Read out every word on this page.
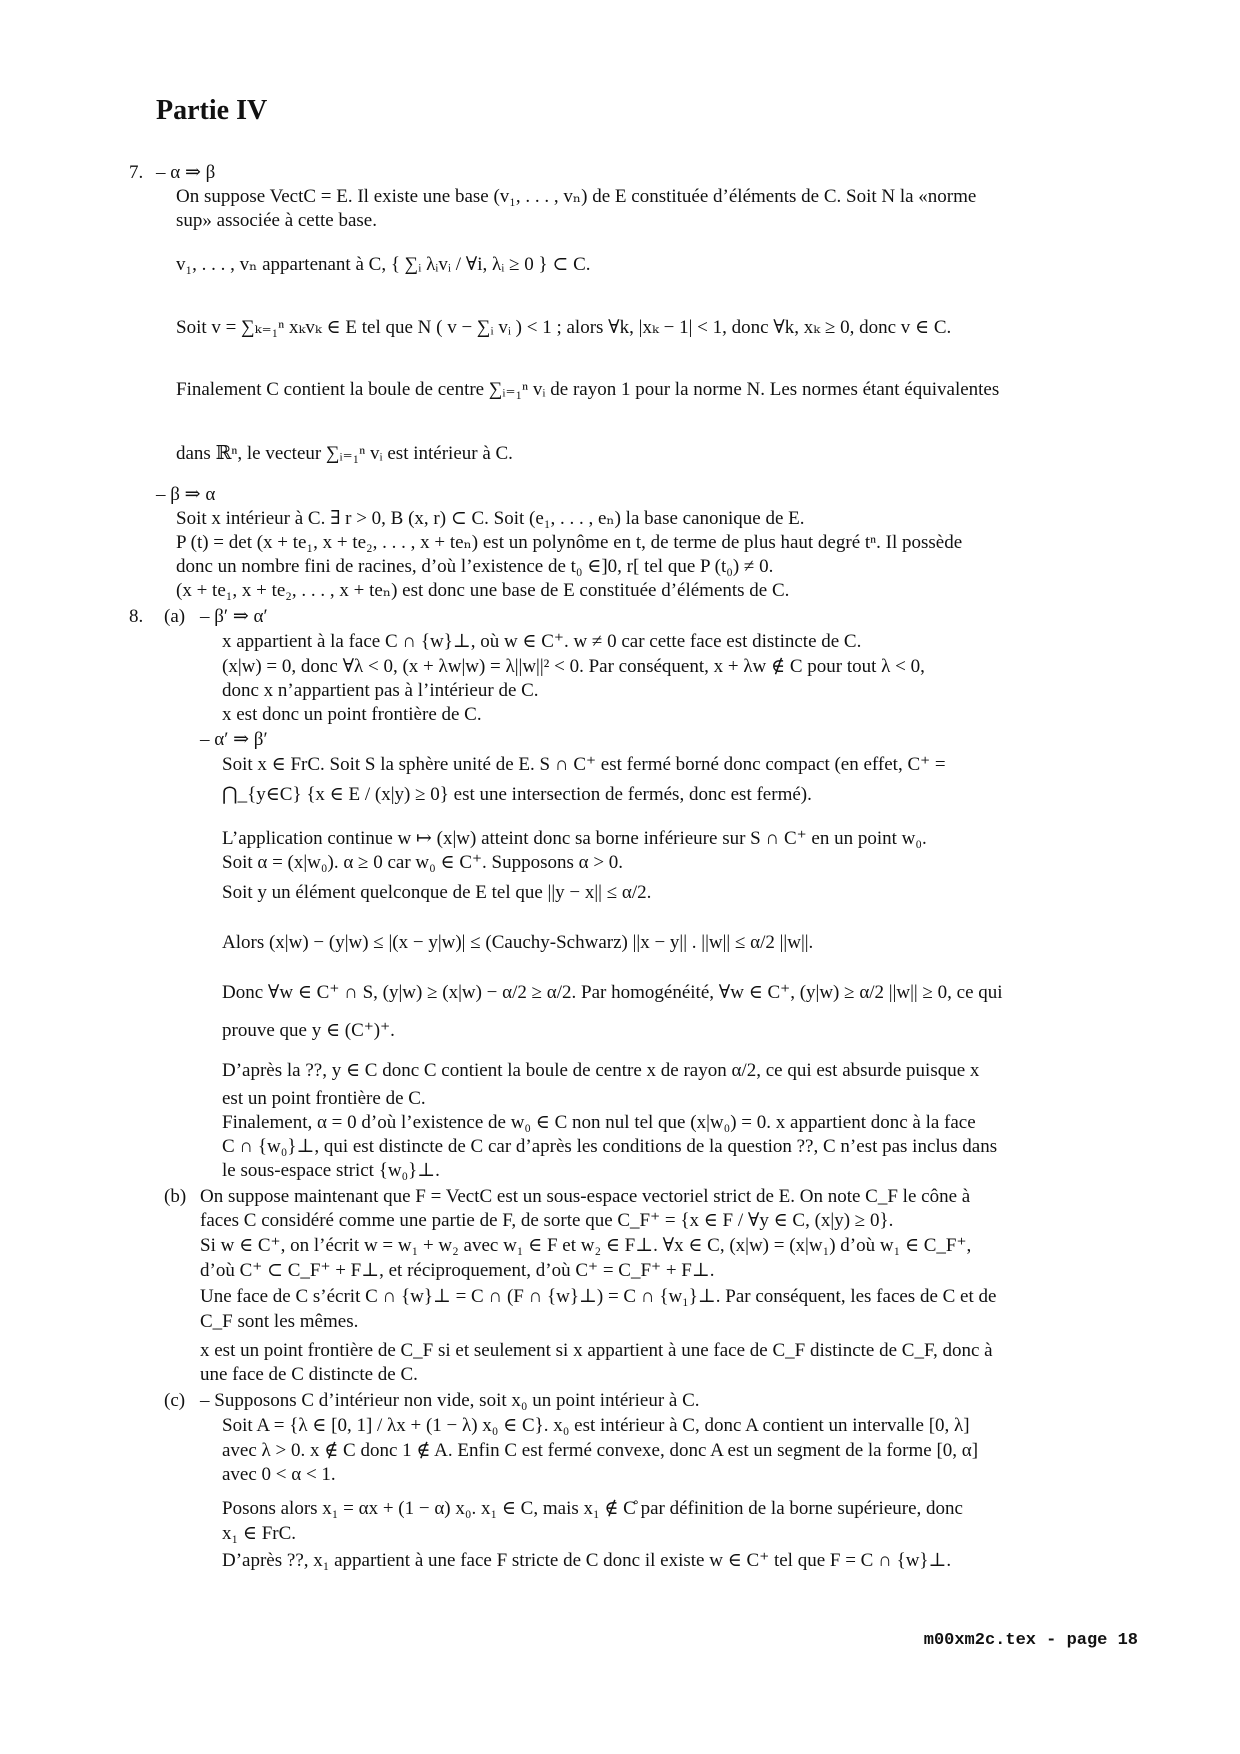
Partie IV
7. – α ⇒ β

On suppose VectC = E. Il existe une base (v₁, . . . , vₙ) de E constituée d’éléments de C. Soit N la «norme

sup» associée à cette base.

v₁, . . . , vₙ appartenant à C, { ∑ᵢ λᵢvᵢ / ∀i, λᵢ ≥ 0 } ⊂ C.

Soit v = ∑ₖ₌₁ⁿ xₖvₖ ∈ E tel que N ( v − ∑ᵢ vᵢ ) < 1 ; alors ∀k, |xₖ − 1| < 1, donc ∀k, xₖ ≥ 0, donc v ∈ C.

Finalement C contient la boule de centre ∑ᵢ₌₁ⁿ vᵢ de rayon 1 pour la norme N. Les normes étant équivalentes

dans ℝⁿ, le vecteur ∑ᵢ₌₁ⁿ vᵢ est intérieur à C.

– β ⇒ α

Soit x intérieur à C. ∃ r > 0, B (x, r) ⊂ C. Soit (e₁, . . . , eₙ) la base canonique de E.

P (t) = det (x + te₁, x + te₂, . . . , x + teₙ) est un polynôme en t, de terme de plus haut degré tⁿ. Il possède

donc un nombre fini de racines, d’où l’existence de t₀ ∈]0, r[ tel que P (t₀) ≠ 0.

(x + te₁, x + te₂, . . . , x + teₙ) est donc une base de E constituée d’éléments de C.

8. (a) – β′ ⇒ α′

x appartient à la face C ∩ {w}⊥, où w ∈ C⁺. w ≠ 0 car cette face est distincte de C.

(x|w) = 0, donc ∀λ < 0, (x + λw|w) = λ||w||² < 0. Par conséquent, x + λw ∉ C pour tout λ < 0,

donc x n’appartient pas à l’intérieur de C.

x est donc un point frontière de C.

– α′ ⇒ β′

Soit x ∈ FrC. Soit S la sphère unité de E. S ∩ C⁺ est fermé borné donc compact (en effet, C⁺ =

⋂_{y∈C} {x ∈ E / (x|y) ≥ 0} est une intersection de fermés, donc est fermé).

L’application continue w ↦ (x|w) atteint donc sa borne inférieure sur S ∩ C⁺ en un point w₀.

Soit α = (x|w₀). α ≥ 0 car w₀ ∈ C⁺. Supposons α > 0.

Soit y un élément quelconque de E tel que ||y − x|| ≤ α/2.

Alors (x|w) − (y|w) ≤ |(x − y|w)| ≤ (Cauchy-Schwarz) ||x − y|| . ||w|| ≤ α/2 ||w||.

Donc ∀w ∈ C⁺ ∩ S, (y|w) ≥ (x|w) − α/2 ≥ α/2. Par homogénéité, ∀w ∈ C⁺, (y|w) ≥ α/2 ||w|| ≥ 0, ce qui

prouve que y ∈ (C⁺)⁺.

D’après la ??, y ∈ C donc C contient la boule de centre x de rayon α/2, ce qui est absurde puisque x

est un point frontière de C.

Finalement, α = 0 d’où l’existence de w₀ ∈ C non nul tel que (x|w₀) = 0. x appartient donc à la face

C ∩ {w₀}⊥, qui est distincte de C car d’après les conditions de la question ??, C n’est pas inclus dans

le sous-espace strict {w₀}⊥.

(b) On suppose maintenant que F = VectC est un sous-espace vectoriel strict de E. On note C_F le cône à

faces C considéré comme une partie de F, de sorte que C_F⁺ = {x ∈ F / ∀y ∈ C, (x|y) ≥ 0}.

Si w ∈ C⁺, on l’écrit w = w₁ + w₂ avec w₁ ∈ F et w₂ ∈ F⊥. ∀x ∈ C, (x|w) = (x|w₁) d’où w₁ ∈ C_F⁺,

d’où C⁺ ⊂ C_F⁺ + F⊥, et réciproquement, d’où C⁺ = C_F⁺ + F⊥.

Une face de C s’écrit C ∩ {w}⊥ = C ∩ (F ∩ {w}⊥) = C ∩ {w₁}⊥. Par conséquent, les faces de C et de

C_F sont les mêmes.

x est un point frontière de C_F si et seulement si x appartient à une face de C_F distincte de C_F, donc à

une face de C distincte de C.

(c) – Supposons C d’intérieur non vide, soit x₀ un point intérieur à C.

Soit A = {λ ∈ [0, 1] / λx + (1 − λ) x₀ ∈ C}. x₀ est intérieur à C, donc A contient un intervalle [0, λ]

avec λ > 0. x ∉ C donc 1 ∉ A. Enfin C est fermé convexe, donc A est un segment de la forme [0, α]

avec 0 < α < 1.

Posons alors x₁ = αx + (1 − α) x₀. x₁ ∈ C, mais x₁ ∉ C̊ par définition de la borne supérieure, donc

x₁ ∈ FrC.

D’après ??, x₁ appartient à une face F stricte de C donc il existe w ∈ C⁺ tel que F = C ∩ {w}⊥.

m00xm2c.tex - page 18
